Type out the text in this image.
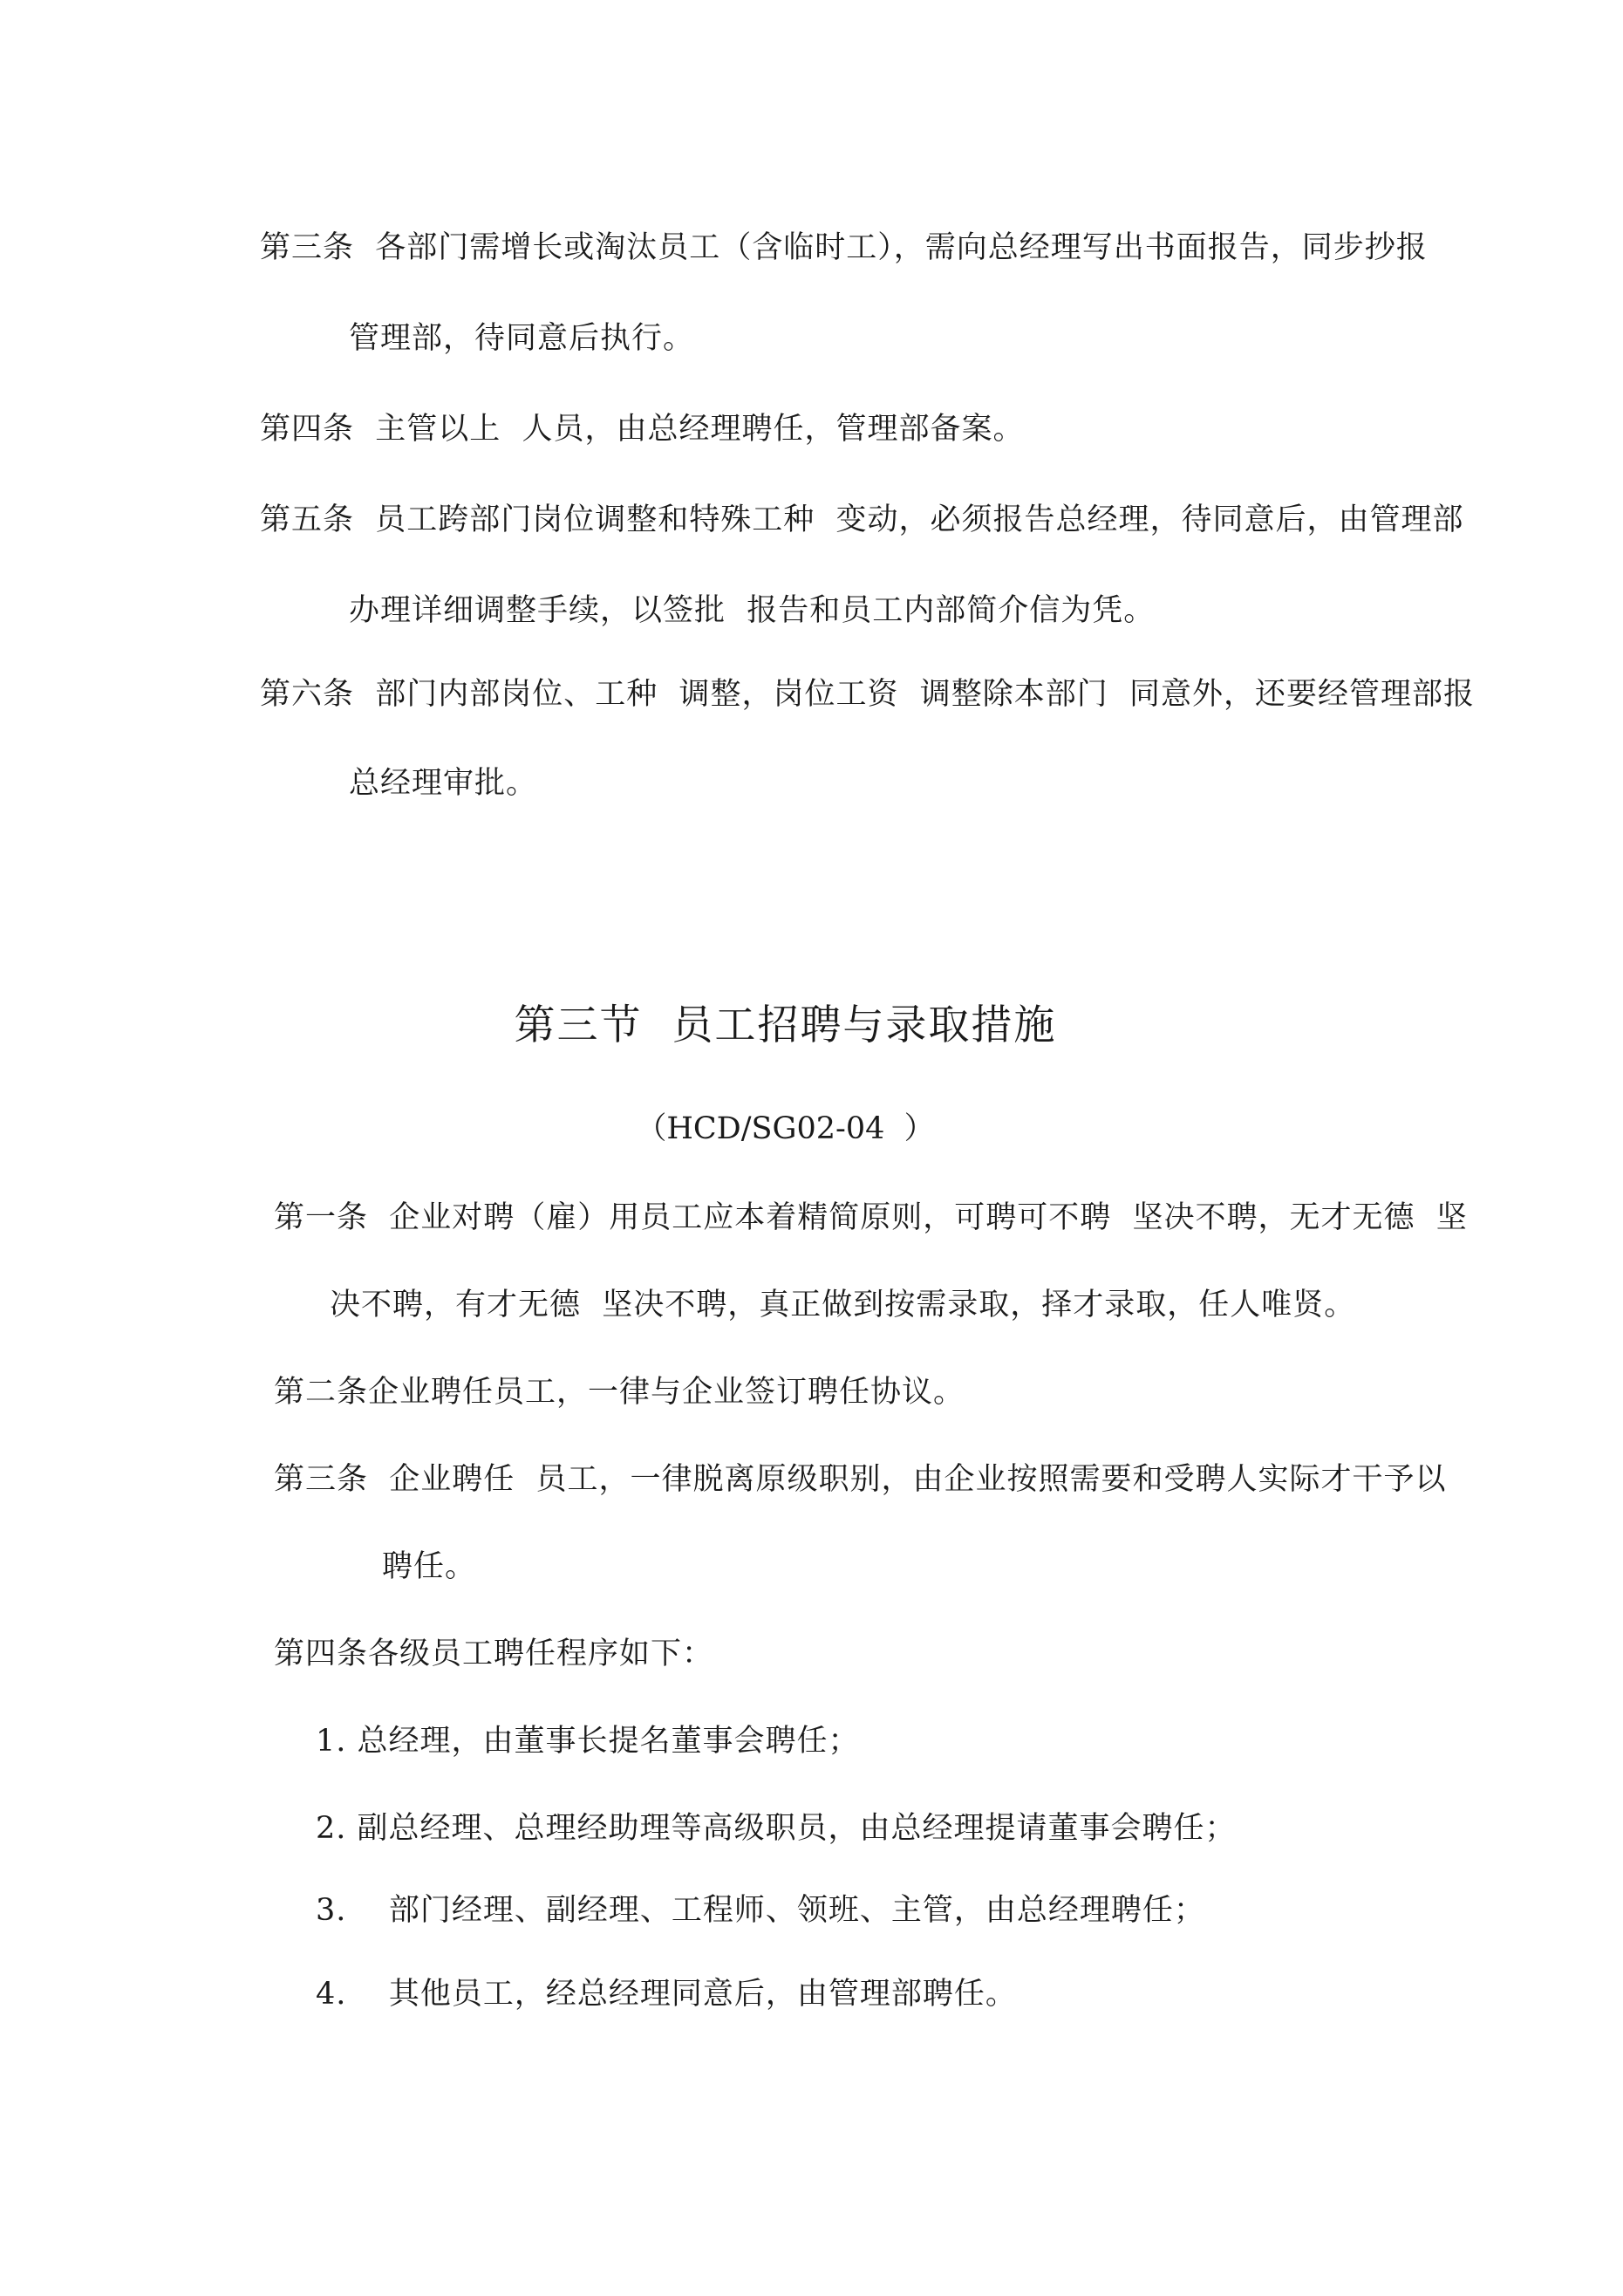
第三条  各部门需增长或淘汰员工（含临时工），需向总经理写出书面报告，同步抄报
管理部，待同意后执行。
第四条  主管以上  人员，由总经理聘任，管理部备案。
第五条  员工跨部门岗位调整和特殊工种  变动，必须报告总经理，待同意后，由管理部
办理详细调整手续，以签批  报告和员工内部简介信为凭。
第六条  部门内部岗位、工种  调整，岗位工资  调整除本部门  同意外，还要经管理部报
总经理审批。
第三节  员工招聘与录取措施
（HCD/SG02-04  ）
第一条  企业对聘（雇）用员工应本着精简原则，可聘可不聘  坚决不聘，无才无德  坚
决不聘，有才无德  坚决不聘，真正做到按需录取，择才录取，任人唯贤。
第二条企业聘任员工，一律与企业签订聘任协议。
第三条  企业聘任  员工，一律脱离原级职别，由企业按照需要和受聘人实际才干予以
聘任。
第四条各级员工聘任程序如下：
1. 总经理，由董事长提名董事会聘任；
2. 副总经理、总理经助理等高级职员，由总经理提请董事会聘任；
3.    部门经理、副经理、工程师、领班、主管，由总经理聘任；
4.    其他员工，经总经理同意后，由管理部聘任。
